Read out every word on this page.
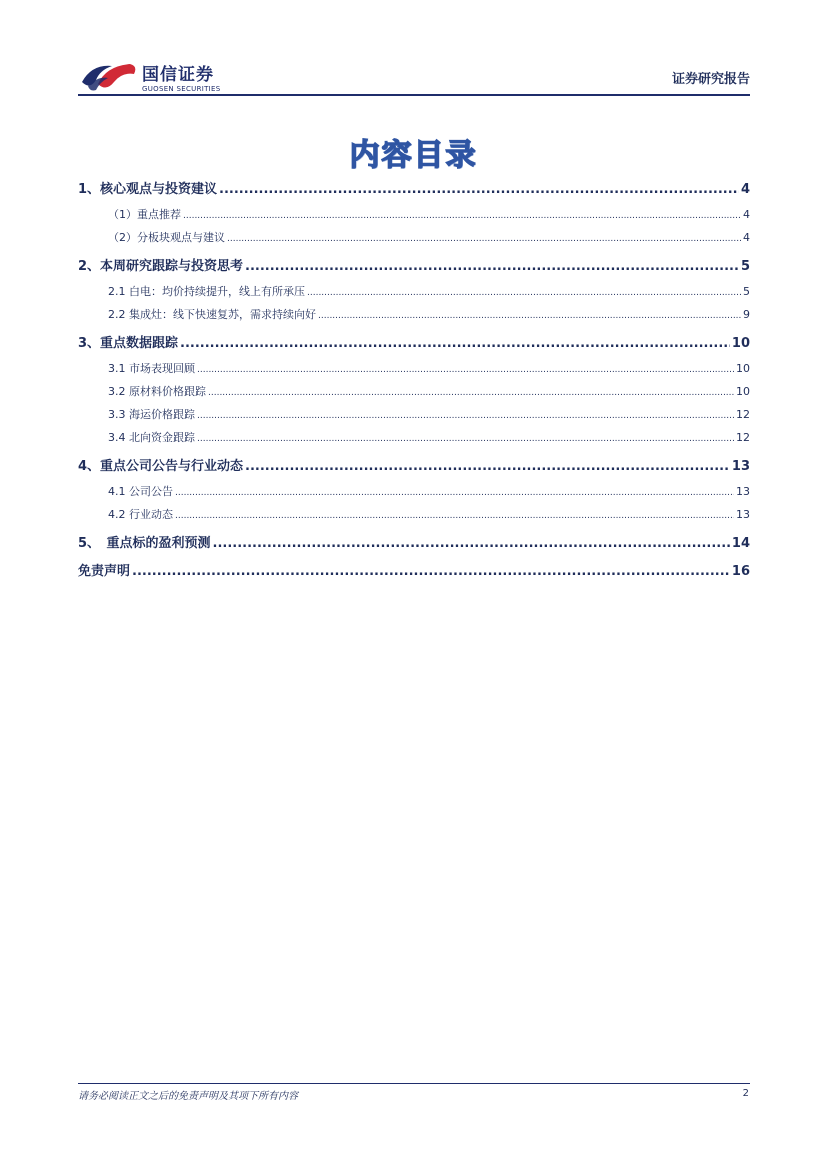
国信证券
GUOSEN SECURITIES
证券研究报告
内容目录
1、核心观点与投资建议 .....	4
（1）重点推荐 .....	4
（2）分板块观点与建议 .....	4
2、本周研究跟踪与投资思考 .....	5
2.1 白电：均价持续提升，线上有所承压 .....	5
2.2 集成灶：线下快速复苏，需求持续向好 .....	9
3、重点数据跟踪 .....	10
3.1 市场表现回顾 .....	10
3.2 原材料价格跟踪 .....	10
3.3 海运价格跟踪 .....	12
3.4 北向资金跟踪 .....	12
4、重点公司公告与行业动态 .....	13
4.1 公司公告 .....	13
4.2 行业动态 .....	13
5、　重点标的盈利预测 .....	14
免责声明 .....	16
请务必阅读正文之后的免责声明及其项下所有内容	2
